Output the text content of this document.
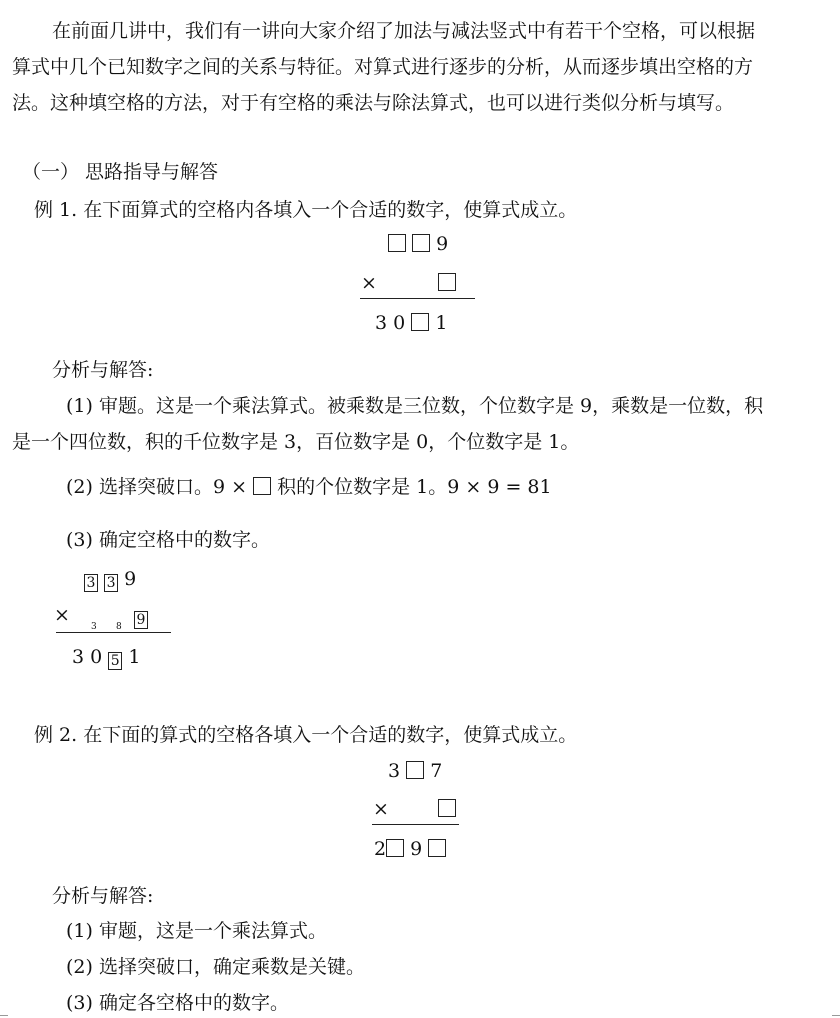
在前面几讲中，我们有一讲向大家介绍了加法与减法竖式中有若干个空格，可以根据
算式中几个已知数字之间的关系与特征。对算式进行逐步的分析，从而逐步填出空格的方
法。这种填空格的方法，对于有空格的乘法与除法算式，也可以进行类似分析与填写。
（一） 思路指导与解答
例 1. 在下面算式的空格内各填入一个合适的数字，使算式成立。
9
×
3 0 1
分析与解答:
(1) 审题。这是一个乘法算式。被乘数是三位数，个位数字是 9，乘数是一位数，积
是一个四位数，积的千位数字是 3，百位数字是 0，个位数字是 1。
(2) 选择突破口。9 × 积的个位数字是 1。9 × 9 = 81
(3) 确定空格中的数字。
3 3 9
×
3 8 9
3 0 5 1
例 2. 在下面的算式的空格各填入一个合适的数字，使算式成立。
3 7
×
2 9
分析与解答:
(1) 审题，这是一个乘法算式。
(2) 选择突破口，确定乘数是关键。
(3) 确定各空格中的数字。
